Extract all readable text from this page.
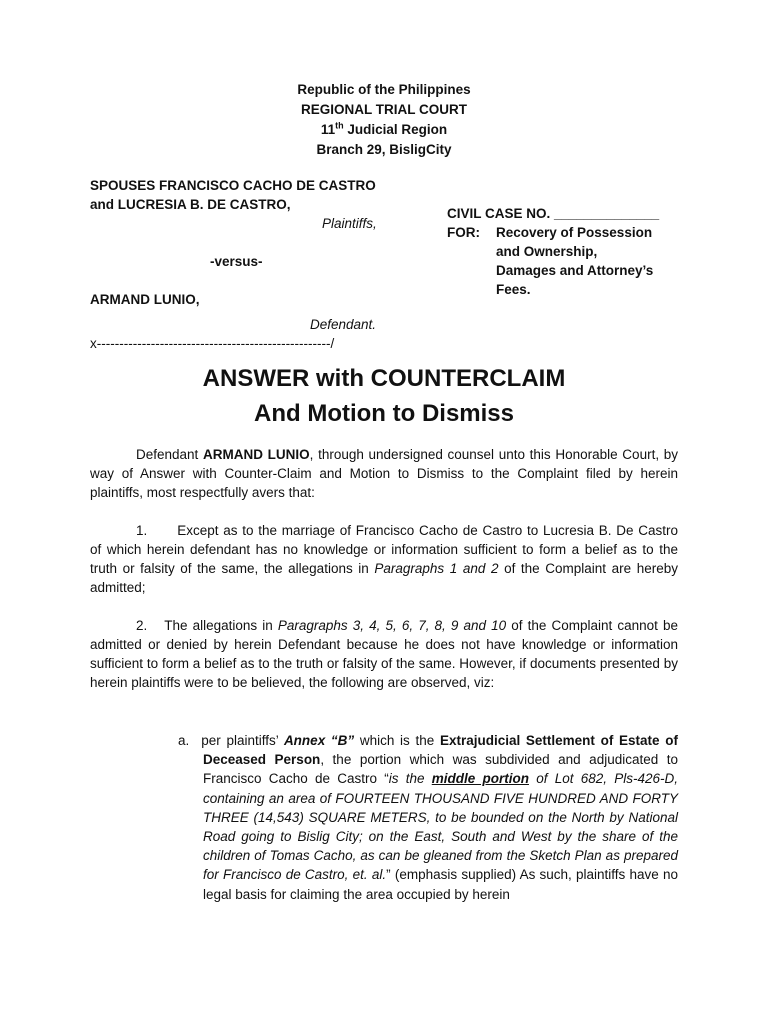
Republic of the Philippines
REGIONAL TRIAL COURT
11th Judicial Region
Branch 29, BisligCity
SPOUSES FRANCISCO CACHO DE CASTRO
and LUCRESIA B. DE CASTRO,
Plaintiffs,
-versus-
ARMAND LUNIO,
Defendant.
x----------------------------------------------------/
CIVIL CASE NO. ______________
FOR:	Recovery of Possession
and Ownership,
Damages and Attorney’s
Fees.
ANSWER with COUNTERCLAIM
And Motion to Dismiss
Defendant ARMAND LUNIO, through undersigned counsel unto this Honorable Court, by way of Answer with Counter-Claim and Motion to Dismiss to the Complaint filed by herein plaintiffs, most respectfully avers that:
1. Except as to the marriage of Francisco Cacho de Castro to Lucresia B. De Castro of which herein defendant has no knowledge or information sufficient to form a belief as to the truth or falsity of the same, the allegations in Paragraphs 1 and 2 of the Complaint are hereby admitted;
2. The allegations in Paragraphs 3, 4, 5, 6, 7, 8, 9 and 10 of the Complaint cannot be admitted or denied by herein Defendant because he does not have knowledge or information sufficient to form a belief as to the truth or falsity of the same. However, if documents presented by herein plaintiffs were to be believed, the following are observed, viz:
a. per plaintiffs’ Annex “B” which is the Extrajudicial Settlement of Estate of Deceased Person, the portion which was subdivided and adjudicated to Francisco Cacho de Castro “is the middle portion of Lot 682, Pls-426-D, containing an area of FOURTEEN THOUSAND FIVE HUNDRED AND FORTY THREE (14,543) SQUARE METERS, to be bounded on the North by National Road going to Bislig City; on the East, South and West by the share of the children of Tomas Cacho, as can be gleaned from the Sketch Plan as prepared for Francisco de Castro, et. al.” (emphasis supplied) As such, plaintiffs have no legal basis for claiming the area occupied by herein
